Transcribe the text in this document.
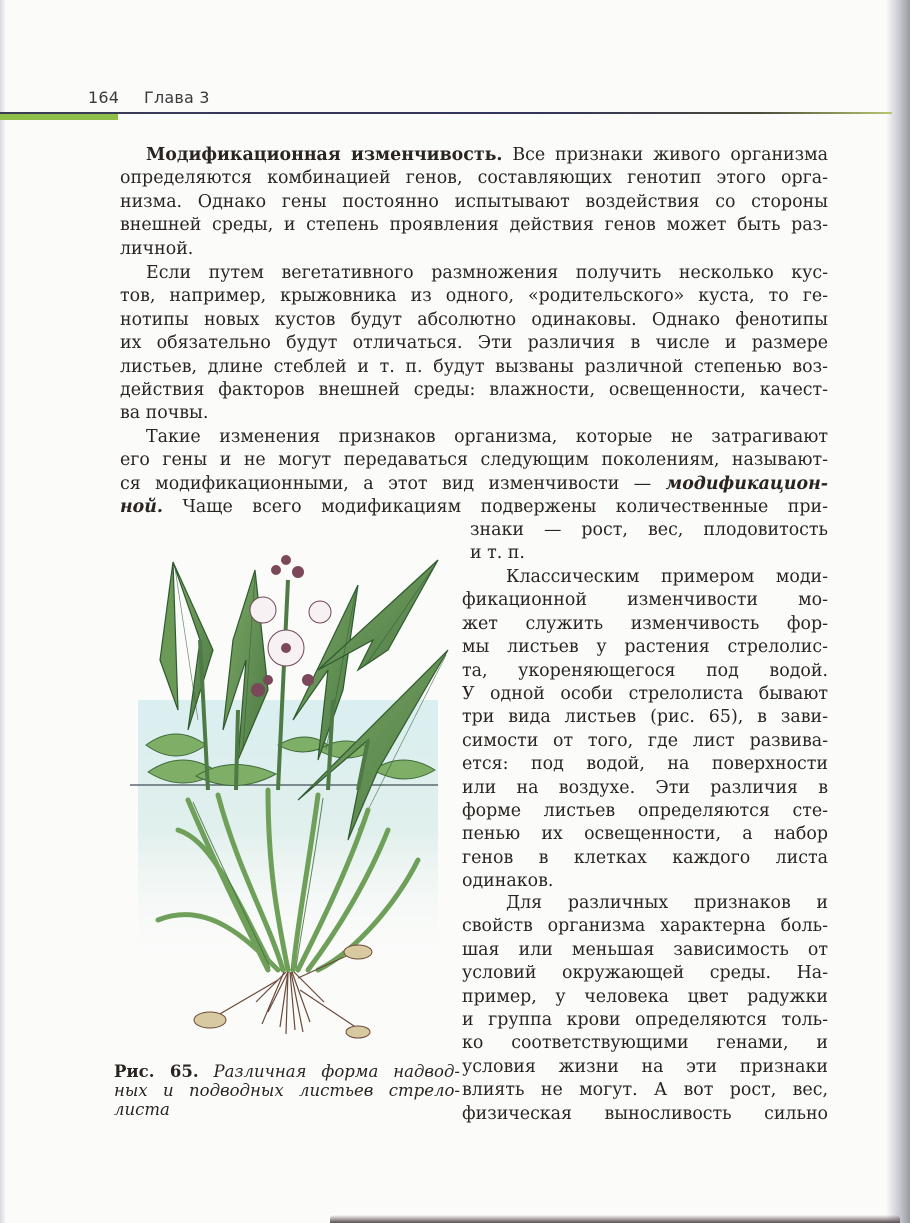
164 Глава 3
Модификационная изменчивость. Все признаки живого организма
определяются комбинацией генов, составляющих генотип этого орга-
низма. Однако гены постоянно испытывают воздействия со стороны
внешней среды, и степень проявления действия генов может быть раз-
личной.
Если путем вегетативного размножения получить несколько кус-
тов, например, крыжовника из одного, «родительского» куста, то ге-
нотипы новых кустов будут абсолютно одинаковы. Однако фенотипы
их обязательно будут отличаться. Эти различия в числе и размере
листьев, длине стеблей и т. п. будут вызваны различной степенью воз-
действия факторов внешней среды: влажности, освещенности, качест-
ва почвы.
Такие изменения признаков организма, которые не затрагивают
его гены и не могут передаваться следующим поколениям, называют-
ся модификационными, а этот вид изменчивости — модификацион-
ной. Чаще всего модификациям подвержены количественные при-
знаки — рост, вес, плодовитость
и т. п.
Классическим примером моди-
фикационной изменчивости мо-
жет служить изменчивость фор-
мы листьев у растения стрелолис-
та, укореняющегося под водой.
У одной особи стрелолиста бывают
три вида листьев (рис. 65), в зави-
симости от того, где лист развива-
ется: под водой, на поверхности
или на воздухе. Эти различия в
форме листьев определяются сте-
пенью их освещенности, а набор
генов в клетках каждого листа
одинаков.
Для различных признаков и
свойств организма характерна боль-
шая или меньшая зависимость от
условий окружающей среды. На-
пример, у человека цвет радужки
и группа крови определяются толь-
ко соответствующими генами, и
условия жизни на эти признаки
влиять не могут. А вот рост, вес,
физическая выносливость сильно
Рис. 65. Различная форма надвод-
ных и подводных листьев стрело-
листа
